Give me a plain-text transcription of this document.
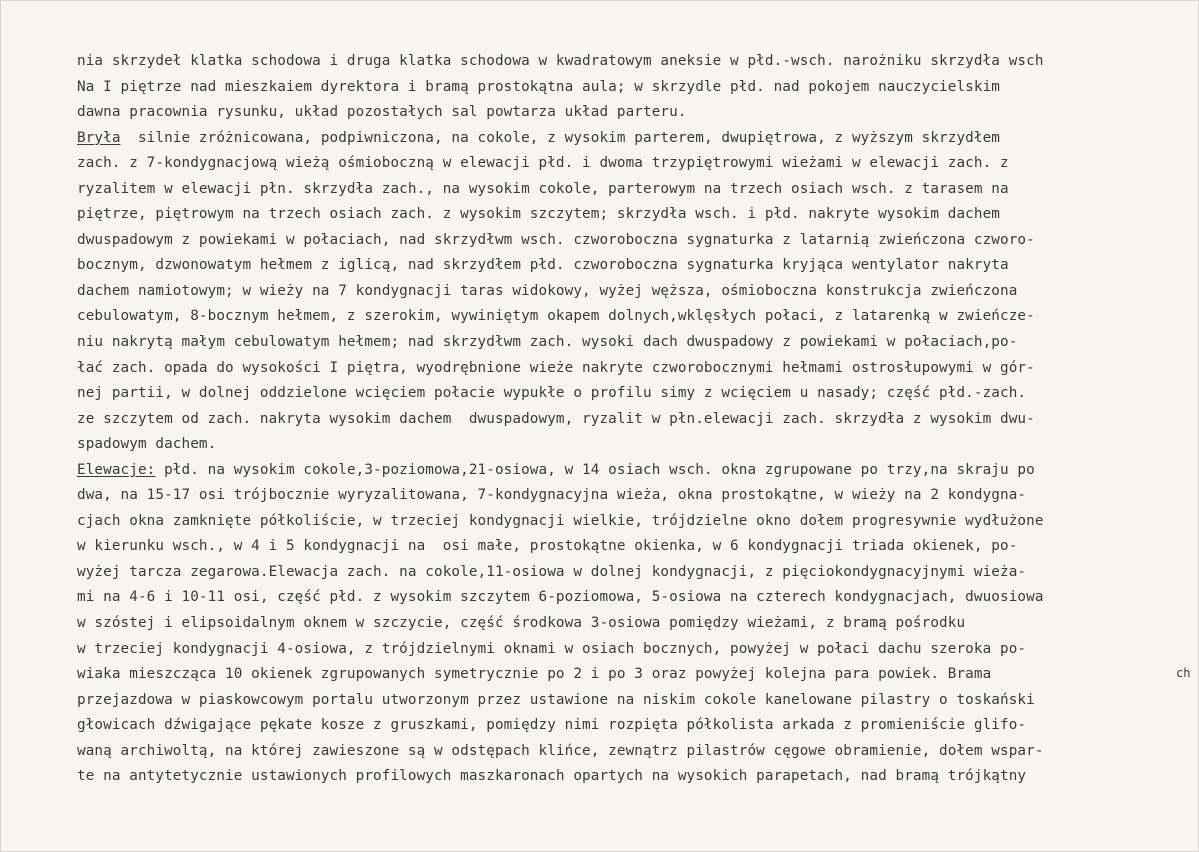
nia skrzydeł klatka schodowa i druga klatka schodowa w kwadratowym aneksie w płd.-wsch. narożniku skrzydła wsch
Na I piętrze nad mieszkaiem dyrektora i bramą prostokątna aula; w skrzydle płd. nad pokojem nauczycielskim
dawna pracownia rysunku, układ pozostałych sal powtarza układ parteru.
Bryła  silnie zróżnicowana, podpiwniczona, na cokole, z wysokim parterem, dwupiętrowa, z wyższym skrzydłem
zach. z 7-kondygnacjową wieżą ośmioboczną w elewacji płd. i dwoma trzypiętrowymi wieżami w elewacji zach. z
ryzalitem w elewacji płn. skrzydła zach., na wysokim cokole, parterowym na trzech osiach wsch. z tarasem na
piętrze, piętrowym na trzech osiach zach. z wysokim szczytem; skrzydła wsch. i płd. nakryte wysokim dachem
dwuspadowym z powiekami w połaciach, nad skrzydłwm wsch. czworoboczna sygnaturka z latarnią zwieńczona czworo-
bocznym, dzwonowatym hełmem z iglicą, nad skrzydłem płd. czworoboczna sygnaturka kryjąca wentylator nakryta
dachem namiotowym; w wieży na 7 kondygnacji taras widokowy, wyżej węższa, ośmioboczna konstrukcja zwieńczona
cebulowatym, 8-bocznym hełmem, z szerokim, wywiniętym okapem dolnych,wklęsłych połaci, z latarenką w zwieńcze-
niu nakrytą małym cebulowatym hełmem; nad skrzydłwm zach. wysoki dach dwuspadowy z powiekami w połaciach,po-
łać zach. opada do wysokości I piętra, wyodrębnione wieże nakryte czworobocznymi hełmami ostrosłupowymi w gór-
nej partii, w dolnej oddzielone wcięciem połacie wypukłe o profilu simy z wcięciem u nasady; część płd.-zach.
ze szczytem od zach. nakryta wysokim dachem  dwuspadowym, ryzalit w płn.elewacji zach. skrzydła z wysokim dwu-
spadowym dachem.
Elewacje: płd. na wysokim cokole,3-poziomowa,21-osiowa, w 14 osiach wsch. okna zgrupowane po trzy,na skraju po
dwa, na 15-17 osi trójbocznie wyryzalitowana, 7-kondygnacyjna wieża, okna prostokątne, w wieży na 2 kondygna-
cjach okna zamknięte półkoliście, w trzeciej kondygnacji wielkie, trójdzielne okno dołem progresywnie wydłużone
w kierunku wsch., w 4 i 5 kondygnacji na  osi małe, prostokątne okienka, w 6 kondygnacji triada okienek, po-
wyżej tarcza zegarowa.Elewacja zach. na cokole,11-osiowa w dolnej kondygnacji, z pięciokondygnacyjnymi wieża-
mi na 4-6 i 10-11 osi, część płd. z wysokim szczytem 6-poziomowa, 5-osiowa na czterech kondygnacjach, dwuosiowa
w szóstej i elipsoidalnym oknem w szczycie, część środkowa 3-osiowa pomiędzy wieżami, z bramą pośrodku
w trzeciej kondygnacji 4-osiowa, z trójdzielnymi oknami w osiach bocznych, powyżej w połaci dachu szeroka po-
wiaka mieszcząca 10 okienek zgrupowanych symetrycznie po 2 i po 3 oraz powyżej kolejna para powiek. Brama
przejazdowa w piaskowcowym portalu utworzonym przez ustawione na niskim cokole kanelowane pilastry o toskański
głowicach dźwigające pękate kosze z gruszkami, pomiędzy nimi rozpięta półkolista arkada z promieniście glifo-
waną archiwoltą, na której zawieszone są w odstępach klińce, zewnątrz pilastrów cęgowe obramienie, dołem wspar-
te na antytetycznie ustawionych profilowych maszkaronach opartych na wysokich parapetach, nad bramą trójkątny
ch
